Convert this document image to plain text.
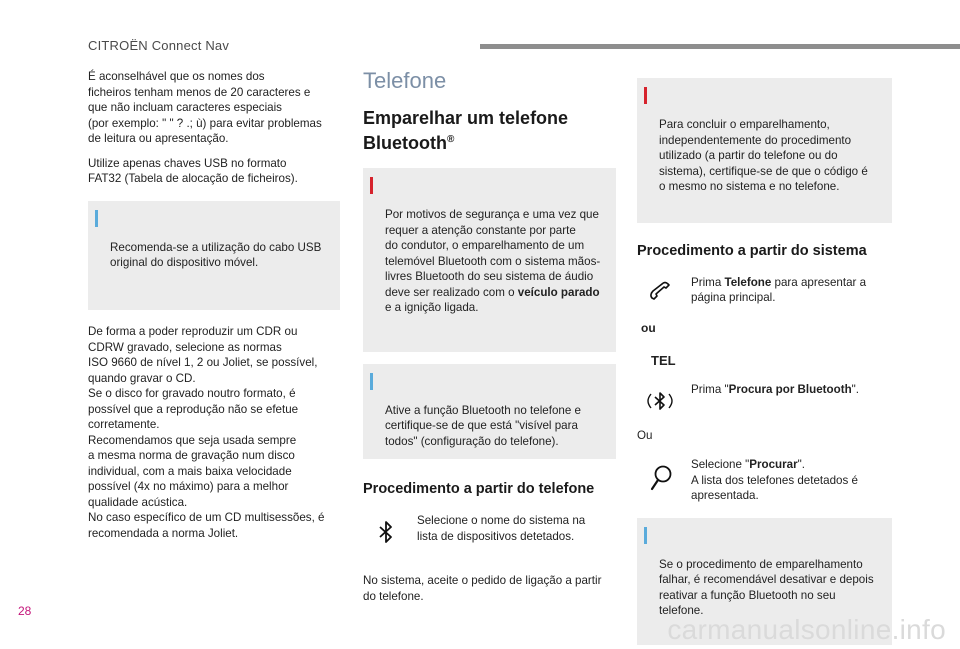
CITROËN Connect Nav

É aconselhável que os nomes dos
ficheiros tenham menos de 20 caracteres e
que não incluam caracteres especiais
(por exemplo: " " ? .; ù) para evitar problemas
de leitura ou apresentação.

Utilize apenas chaves USB no formato
FAT32 (Tabela de alocação de ficheiros).

Recomenda-se a utilização do cabo USB
original do dispositivo móvel.

De forma a poder reproduzir um CDR ou
CDRW gravado, selecione as normas
ISO 9660 de nível 1, 2 ou Joliet, se possível,
quando gravar o CD.
Se o disco for gravado noutro formato, é
possível que a reprodução não se efetue
corretamente.
Recomendamos que seja usada sempre
a mesma norma de gravação num disco
individual, com a mais baixa velocidade
possível (4x no máximo) para a melhor
qualidade acústica.
No caso específico de um CD multisessões, é
recomendada a norma Joliet.

Telefone
Emparelhar um telefone Bluetooth®

Por motivos de segurança e uma vez que
requer a atenção constante por parte
do condutor, o emparelhamento de um
telemóvel Bluetooth com o sistema mãos-
livres Bluetooth do seu sistema de áudio
deve ser realizado com o veículo parado
e a ignição ligada.

Ative a função Bluetooth no telefone e
certifique-se de que está "visível para
todos" (configuração do telefone).

Procedimento a partir do telefone

Selecione o nome do sistema na
lista de dispositivos detetados.

No sistema, aceite o pedido de ligação a partir
do telefone.

Para concluir o emparelhamento,
independentemente do procedimento
utilizado (a partir do telefone ou do
sistema), certifique-se de que o código é
o mesmo no sistema e no telefone.

Procedimento a partir do sistema

Prima Telefone para apresentar a
página principal.

ou
TEL

Prima "Procura por Bluetooth".

Ou

Selecione "Procurar".
A lista dos telefones detetados é
apresentada.

Se o procedimento de emparelhamento
falhar, é recomendável desativar e depois
reativar a função Bluetooth no seu telefone.

28
carmanualsonline.info
